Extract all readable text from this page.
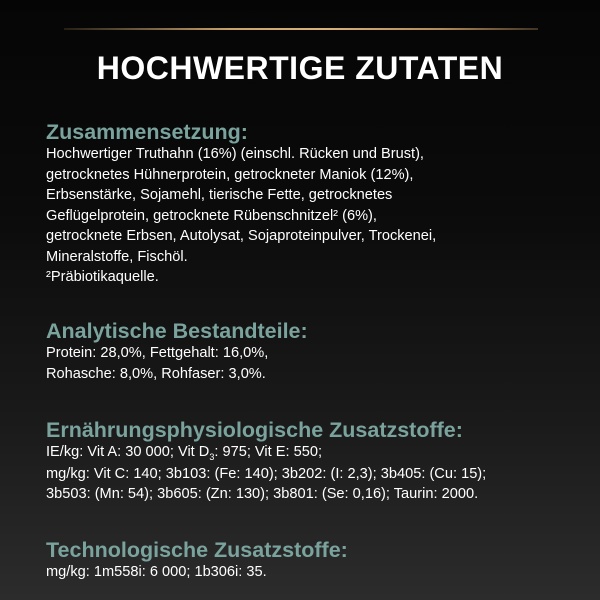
HOCHWERTIGE ZUTATEN
Zusammensetzung:
Hochwertiger Truthahn (16%) (einschl. Rücken und Brust),
getrocknetes Hühnerprotein, getrockneter Maniok (12%),
Erbsenstärke, Sojamehl, tierische Fette, getrocknetes
Geflügelprotein, getrocknete Rübenschnitzel² (6%),
getrocknete Erbsen, Autolysat, Sojaproteinpulver, Trockenei,
Mineralstoffe, Fischöl.
²Präbiotikaquelle.
Analytische Bestandteile:
Protein: 28,0%, Fettgehalt: 16,0%,
Rohasche: 8,0%, Rohfaser: 3,0%.
Ernährungsphysiologische Zusatzstoffe:
IE/kg: Vit A: 30 000; Vit $D_3$: 975; Vit E: 550;
mg/kg: Vit C: 140; 3b103: (Fe: 140); 3b202: (I: 2,3); 3b405: (Cu: 15);
3b503: (Mn: 54); 3b605: (Zn: 130); 3b801: (Se: 0,16); Taurin: 2000.
Technologische Zusatzstoffe:
mg/kg: 1m558i: 6 000; 1b306i: 35.
